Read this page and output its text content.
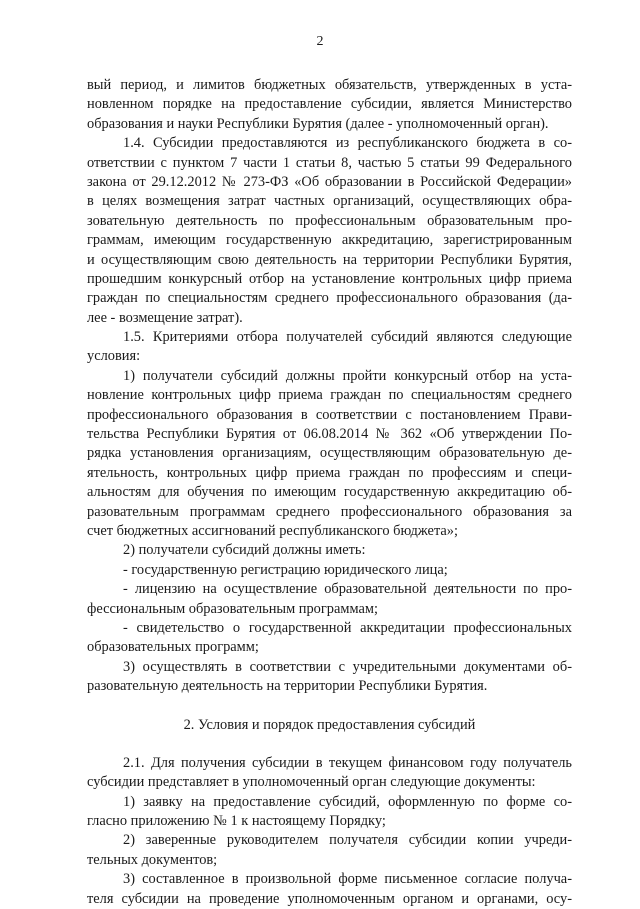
2
вый период, и лимитов бюджетных обязательств, утвержденных в уста-
новленном порядке на предоставление субсидии, является Министерство
образования и науки Республики Бурятия (далее - уполномоченный орган).
1.4. Субсидии предоставляются из республиканского бюджета в со-
ответствии с пунктом 7 части 1 статьи 8, частью 5 статьи 99 Федерального
закона от 29.12.2012 № 273-ФЗ «Об образовании в Российской Федерации»
в целях возмещения затрат частных организаций, осуществляющих обра-
зовательную деятельность по профессиональным образовательным про-
граммам, имеющим государственную аккредитацию, зарегистрированным
и осуществляющим свою деятельность на территории Республики Бурятия,
прошедшим конкурсный отбор на установление контрольных цифр приема
граждан по специальностям среднего профессионального образования (да-
лее - возмещение затрат).
1.5. Критериями отбора получателей субсидий являются следующие
условия:
1) получатели субсидий должны пройти конкурсный отбор на уста-
новление контрольных цифр приема граждан по специальностям среднего
профессионального образования в соответствии с постановлением Прави-
тельства Республики Бурятия от 06.08.2014 № 362 «Об утверждении По-
рядка установления организациям, осуществляющим образовательную де-
ятельность, контрольных цифр приема граждан по профессиям и специ-
альностям для обучения по имеющим государственную аккредитацию об-
разовательным программам среднего профессионального образования за
счет бюджетных ассигнований республиканского бюджета»;
2) получатели субсидий должны иметь:
- государственную регистрацию юридического лица;
- лицензию на осуществление образовательной деятельности по про-
фессиональным образовательным программам;
- свидетельство о государственной аккредитации профессиональных
образовательных программ;
3) осуществлять в соответствии с учредительными документами об-
разовательную деятельность на территории Республики Бурятия.
2. Условия и порядок предоставления субсидий
2.1. Для получения субсидии в текущем финансовом году получатель
субсидии представляет в уполномоченный орган следующие документы:
1) заявку на предоставление субсидий, оформленную по форме со-
гласно приложению № 1 к настоящему Порядку;
2) заверенные руководителем получателя субсидии копии учреди-
тельных документов;
3) составленное в произвольной форме письменное согласие получа-
теля субсидии на проведение уполномоченным органом и органами, осу-
